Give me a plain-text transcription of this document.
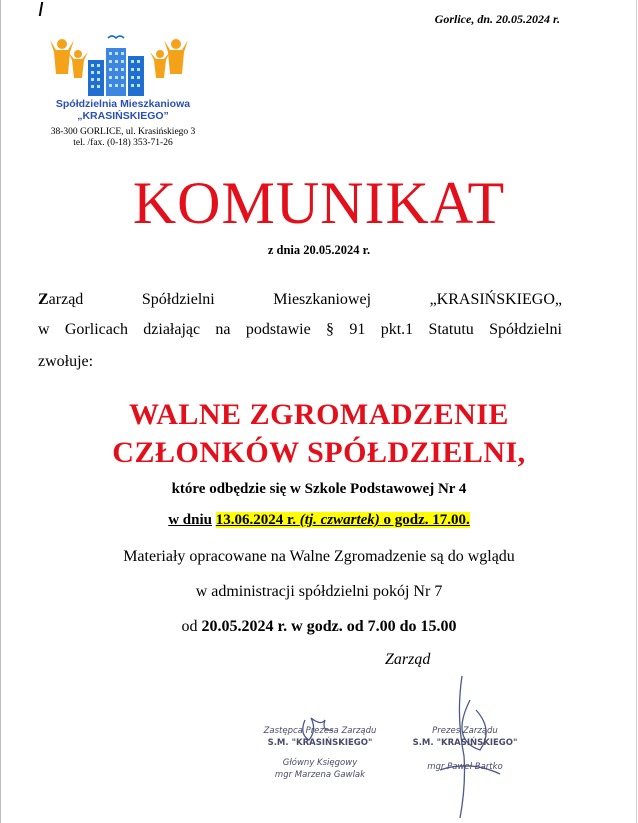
Gorlice, dn. 20.05.2024 r.
Spółdzielnia Mieszkaniowa
„KRASIŃSKIEGO”
38-300 GORLICE, ul. Krasińskiego 3
tel. /fax. (0-18) 353-71-26
KOMUNIKAT
z dnia 20.05.2024 r.
Zarząd Spółdzielni Mieszkaniowej „KRASIŃSKIEGO„
w Gorlicach działając na podstawie § 91 pkt.1 Statutu Spółdzielni
zwołuje:
WALNE ZGROMADZENIE
CZŁONKÓW SPÓŁDZIELNI,
które odbędzie się w Szkole Podstawowej Nr 4
w dniu 13.06.2024 r. (tj. czwartek) o godz. 17.00.
Materiały opracowane na Walne Zgromadzenie są do wglądu
w administracji spółdzielni pokój Nr 7
od 20.05.2024 r. w godz. od 7.00 do 15.00
Zarząd
Zastępca Prezesa Zarządu
S.M. "KRASIŃSKIEGO"
Główny Księgowy
mgr Marzena Gawlak
Prezes Zarządu
S.M. "KRASIŃSKIEGO"
mgr Paweł Bartko
